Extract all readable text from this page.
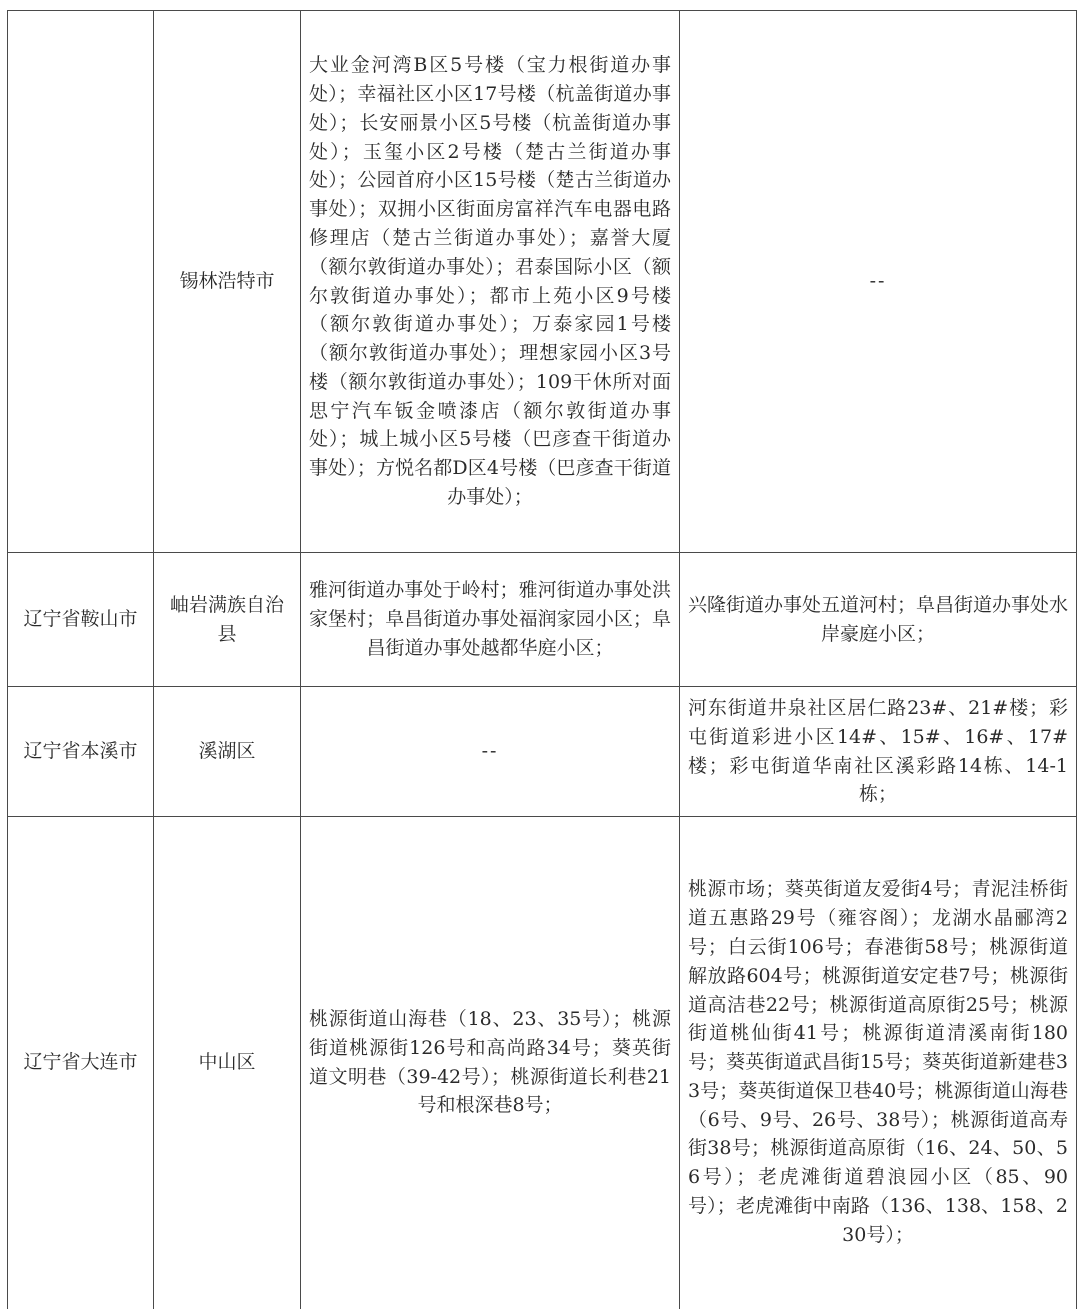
	锡林浩特市	大业金河湾B区5号楼（宝力根街道办事处）；幸福社区小区17号楼（杭盖街道办事处）；长安丽景小区5号楼（杭盖街道办事处）；玉玺小区2号楼（楚古兰街道办事处）；公园首府小区15号楼（楚古兰街道办事处）；双拥小区街面房富祥汽车电器电路修理店（楚古兰街道办事处）；嘉誉大厦（额尔敦街道办事处）；君泰国际小区（额尔敦街道办事处）；都市上苑小区9号楼（额尔敦街道办事处）；万泰家园1号楼（额尔敦街道办事处）；理想家园小区3号楼（额尔敦街道办事处）；109干休所对面思宁汽车钣金喷漆店（额尔敦街道办事处）；城上城小区5号楼（巴彦查干街道办事处）；方悦名都D区4号楼（巴彦查干街道办事处）；	--

辽宁省鞍山市	岫岩满族自治县	雅河街道办事处于岭村；雅河街道办事处洪家堡村；阜昌街道办事处福润家园小区；阜昌街道办事处越都华庭小区；	兴隆街道办事处五道河村；阜昌街道办事处水岸豪庭小区；

辽宁省本溪市	溪湖区	--	河东街道井泉社区居仁路23#、21#楼；彩屯街道彩进小区14#、15#、16#、17#楼；彩屯街道华南社区溪彩路14栋、14-1栋；

辽宁省大连市	中山区	桃源街道山海巷（18、23、35号）；桃源街道桃源街126号和高尚路34号；葵英街道文明巷（39-42号）；桃源街道长利巷21号和根深巷8号；	桃源市场；葵英街道友爱街4号；青泥洼桥街道五惠路29号（雍容阁）；龙湖水晶郦湾2号；白云街106号；春港街58号；桃源街道解放路604号；桃源街道安定巷7号；桃源街道高洁巷22号；桃源街道高原街25号；桃源街道桃仙街41号；桃源街道清溪南街180号；葵英街道武昌街15号；葵英街道新建巷33号；葵英街道保卫巷40号；桃源街道山海巷（6号、9号、26号、38号）；桃源街道高寿街38号；桃源街道高原街（16、24、50、56号）；老虎滩街道碧浪园小区（85、90号）；老虎滩街中南路（136、138、158、230号）；
